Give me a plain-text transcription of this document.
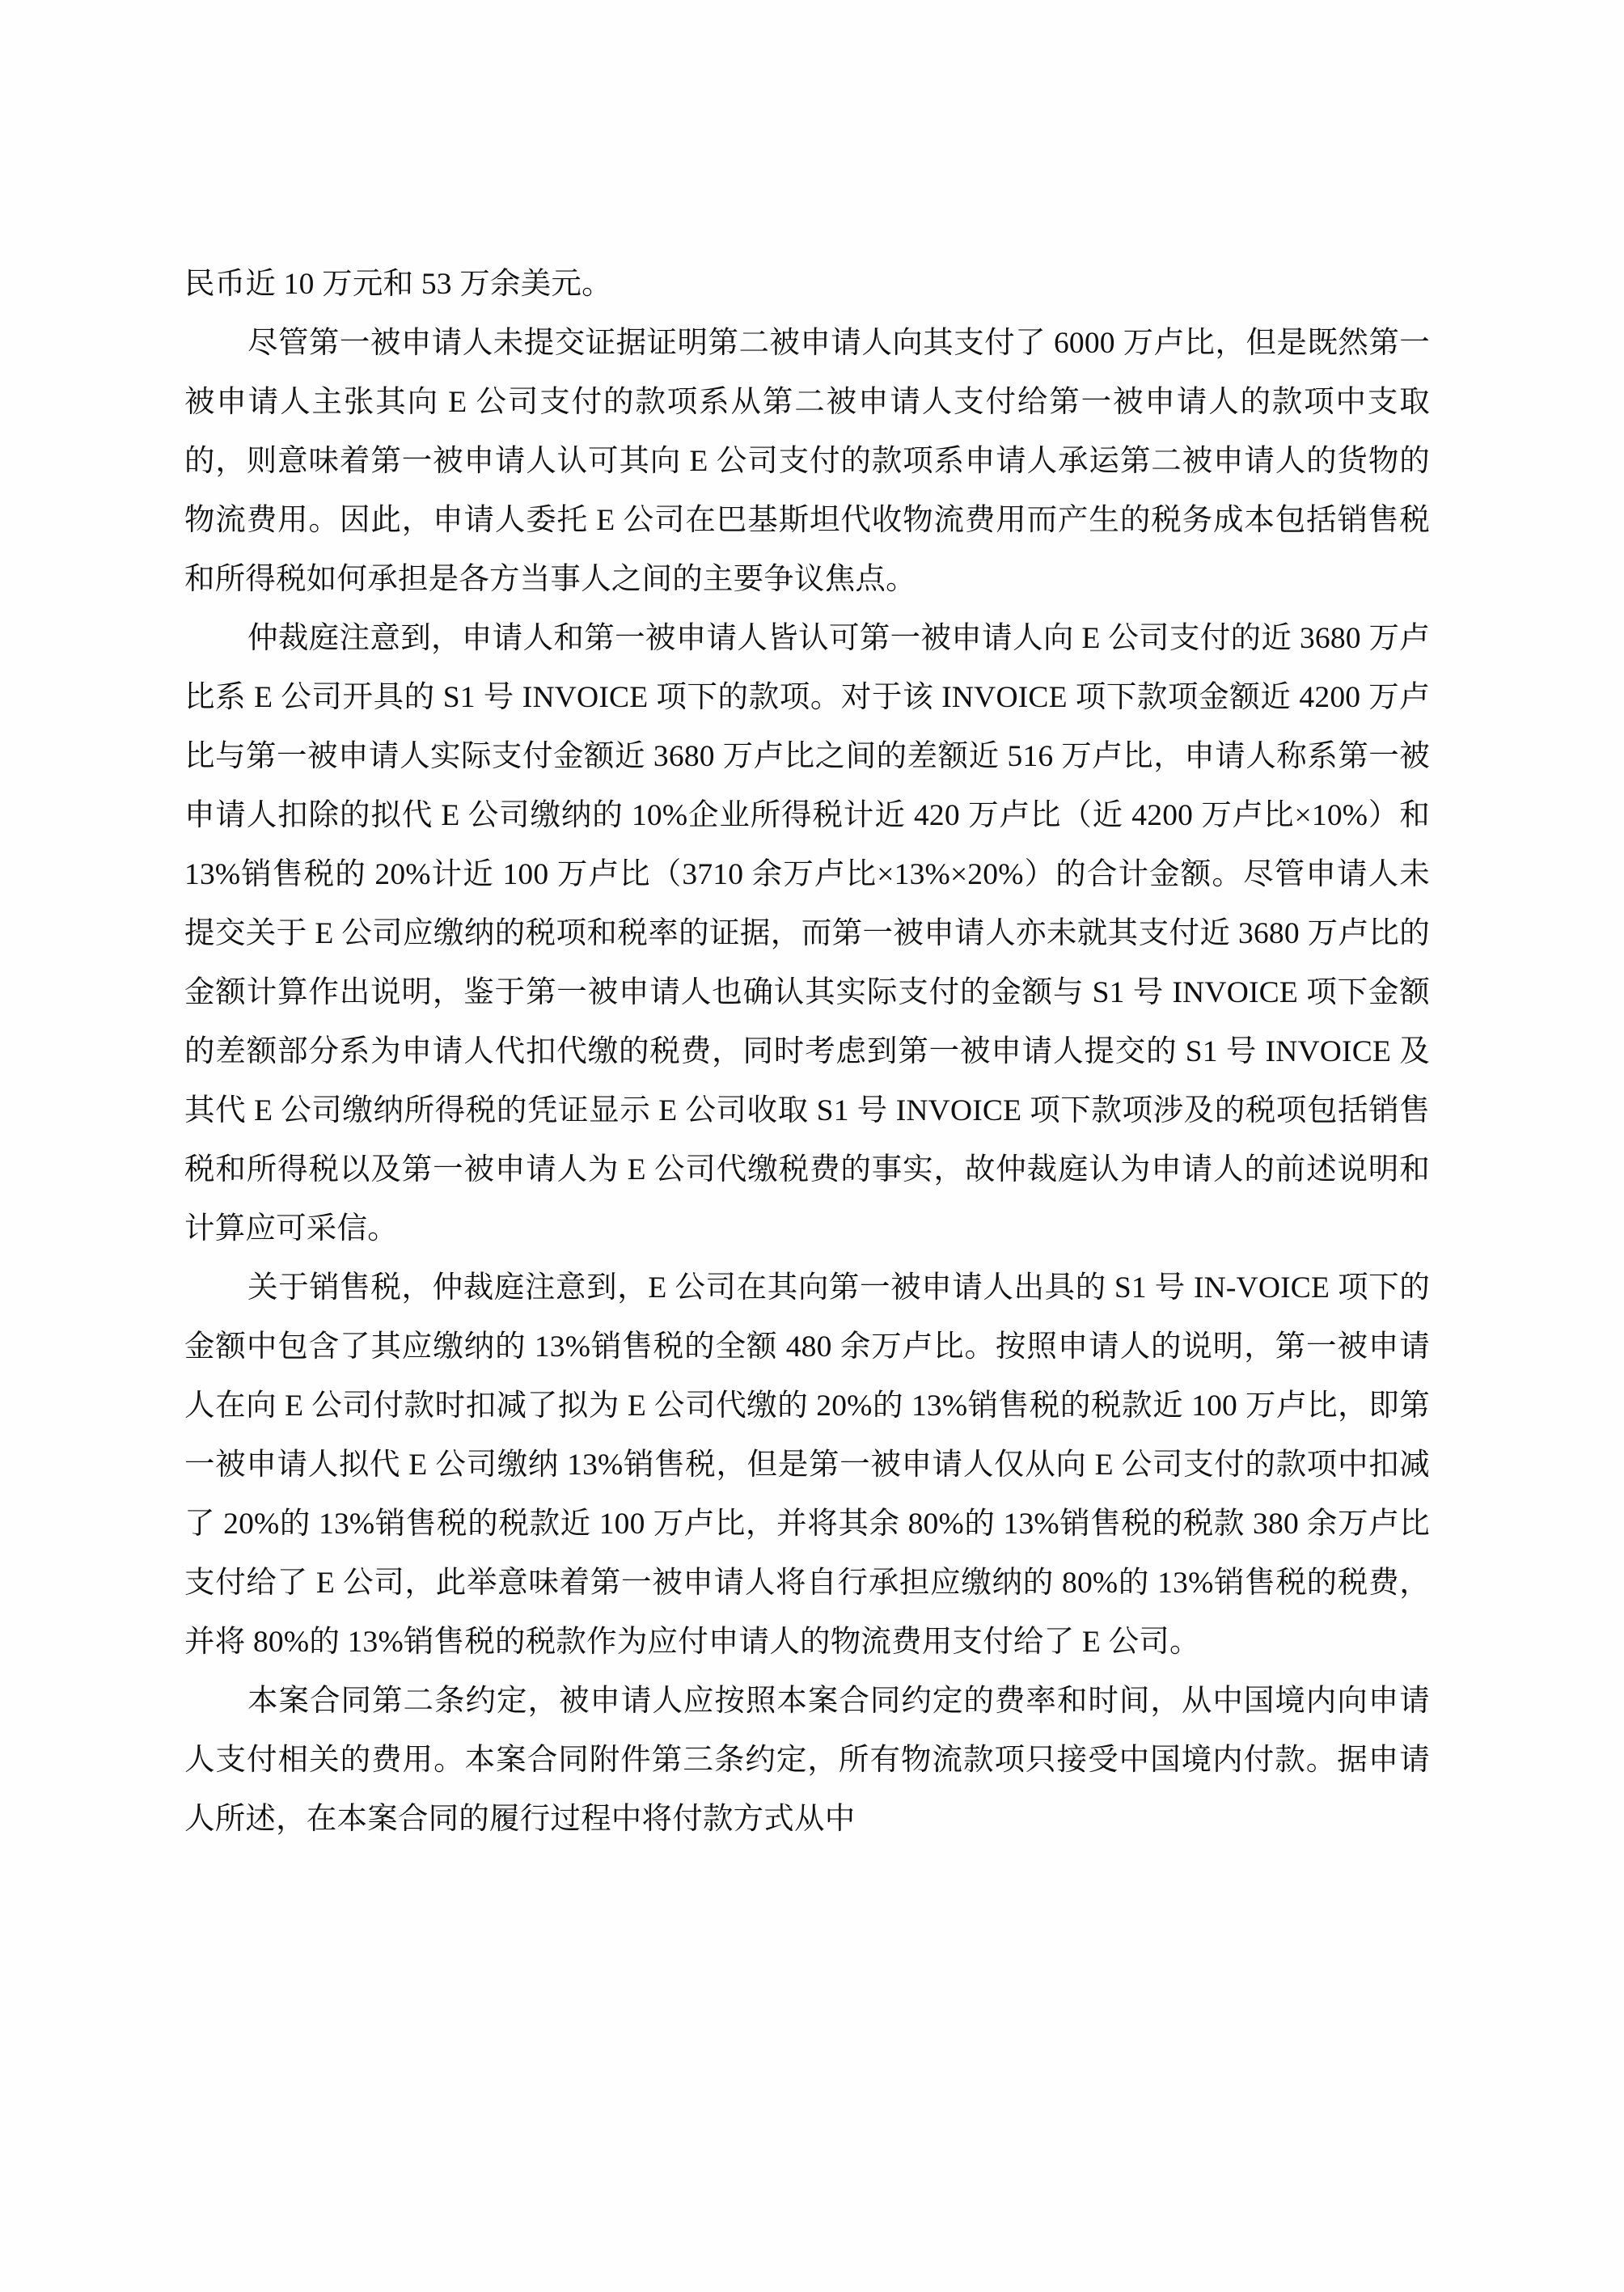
民币近 10 万元和 53 万余美元。

尽管第一被申请人未提交证据证明第二被申请人向其支付了 6000 万卢比，但是既然第一被申请人主张其向 E 公司支付的款项系从第二被申请人支付给第一被申请人的款项中支取的，则意味着第一被申请人认可其向 E 公司支付的款项系申请人承运第二被申请人的货物的物流费用。因此，申请人委托 E 公司在巴基斯坦代收物流费用而产生的税务成本包括销售税和所得税如何承担是各方当事人之间的主要争议焦点。

仲裁庭注意到，申请人和第一被申请人皆认可第一被申请人向 E 公司支付的近 3680 万卢比系 E 公司开具的 S1 号 INVOICE 项下的款项。对于该 INVOICE 项下款项金额近 4200 万卢比与第一被申请人实际支付金额近 3680 万卢比之间的差额近 516 万卢比，申请人称系第一被申请人扣除的拟代 E 公司缴纳的 10%企业所得税计近 420 万卢比（近 4200 万卢比×10%）和 13%销售税的 20%计近 100 万卢比（3710 余万卢比×13%×20%）的合计金额。尽管申请人未提交关于 E 公司应缴纳的税项和税率的证据，而第一被申请人亦未就其支付近 3680 万卢比的金额计算作出说明，鉴于第一被申请人也确认其实际支付的金额与 S1 号 INVOICE 项下金额的差额部分系为申请人代扣代缴的税费，同时考虑到第一被申请人提交的 S1 号 INVOICE 及其代 E 公司缴纳所得税的凭证显示 E 公司收取 S1 号 INVOICE 项下款项涉及的税项包括销售税和所得税以及第一被申请人为 E 公司代缴税费的事实，故仲裁庭认为申请人的前述说明和计算应可采信。

关于销售税，仲裁庭注意到，E 公司在其向第一被申请人出具的 S1 号 IN-VOICE 项下的金额中包含了其应缴纳的 13%销售税的全额 480 余万卢比。按照申请人的说明，第一被申请人在向 E 公司付款时扣减了拟为 E 公司代缴的 20%的 13%销售税的税款近 100 万卢比，即第一被申请人拟代 E 公司缴纳 13%销售税，但是第一被申请人仅从向 E 公司支付的款项中扣减了 20%的 13%销售税的税款近 100 万卢比，并将其余 80%的 13%销售税的税款 380 余万卢比支付给了 E 公司，此举意味着第一被申请人将自行承担应缴纳的 80%的 13%销售税的税费，并将 80%的 13%销售税的税款作为应付申请人的物流费用支付给了 E 公司。

本案合同第二条约定，被申请人应按照本案合同约定的费率和时间，从中国境内向申请人支付相关的费用。本案合同附件第三条约定，所有物流款项只接受中国境内付款。据申请人所述，在本案合同的履行过程中将付款方式从中
